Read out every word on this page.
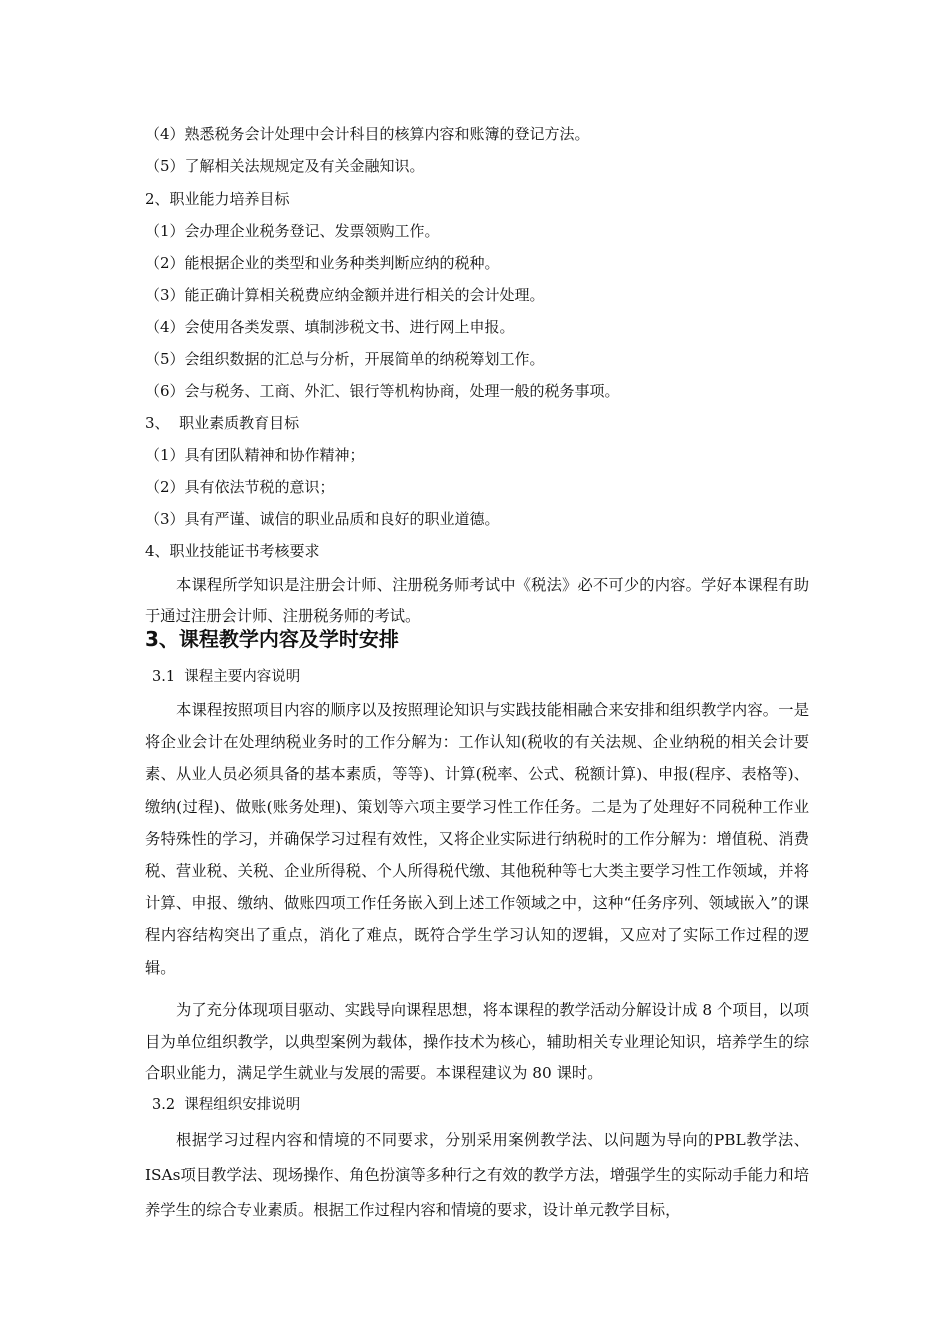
（4）熟悉税务会计处理中会计科目的核算内容和账簿的登记方法。
（5）了解相关法规规定及有关金融知识。
2、职业能力培养目标
（1）会办理企业税务登记、发票领购工作。
（2）能根据企业的类型和业务种类判断应纳的税种。
（3）能正确计算相关税费应纳金额并进行相关的会计处理。
（4）会使用各类发票、填制涉税文书、进行网上申报。
（5）会组织数据的汇总与分析，开展简单的纳税筹划工作。
（6）会与税务、工商、外汇、银行等机构协商，处理一般的税务事项。
3、  职业素质教育目标
（1）具有团队精神和协作精神；
（2）具有依法节税的意识；
（3）具有严谨、诚信的职业品质和良好的职业道德。
4、职业技能证书考核要求
本课程所学知识是注册会计师、注册税务师考试中《税法》必不可少的内容。学好本课程有助于通过注册会计师、注册税务师的考试。
3、课程教学内容及学时安排
3.1  课程主要内容说明
本课程按照项目内容的顺序以及按照理论知识与实践技能相融合来安排和组织教学内容。一是将企业会计在处理纳税业务时的工作分解为：工作认知(税收的有关法规、企业纳税的相关会计要素、从业人员必须具备的基本素质，等等)、计算(税率、公式、税额计算)、申报(程序、表格等)、缴纳(过程)、做账(账务处理)、策划等六项主要学习性工作任务。二是为了处理好不同税种工作业务特殊性的学习，并确保学习过程有效性，又将企业实际进行纳税时的工作分解为：增值税、消费税、营业税、关税、企业所得税、个人所得税代缴、其他税种等七大类主要学习性工作领域，并将计算、申报、缴纳、做账四项工作任务嵌入到上述工作领域之中，这种“任务序列、领域嵌入”的课程内容结构突出了重点，消化了难点，既符合学生学习认知的逻辑，又应对了实际工作过程的逻辑。
为了充分体现项目驱动、实践导向课程思想，将本课程的教学活动分解设计成 8 个项目，以项目为单位组织教学，以典型案例为载体，操作技术为核心，辅助相关专业理论知识，培养学生的综合职业能力，满足学生就业与发展的需要。本课程建议为 80 课时。
3.2  课程组织安排说明
根据学习过程内容和情境的不同要求，分别采用案例教学法、以问题为导向的PBL教学法、ISAs项目教学法、现场操作、角色扮演等多种行之有效的教学方法，增强学生的实际动手能力和培养学生的综合专业素质。根据工作过程内容和情境的要求，设计单元教学目标，
